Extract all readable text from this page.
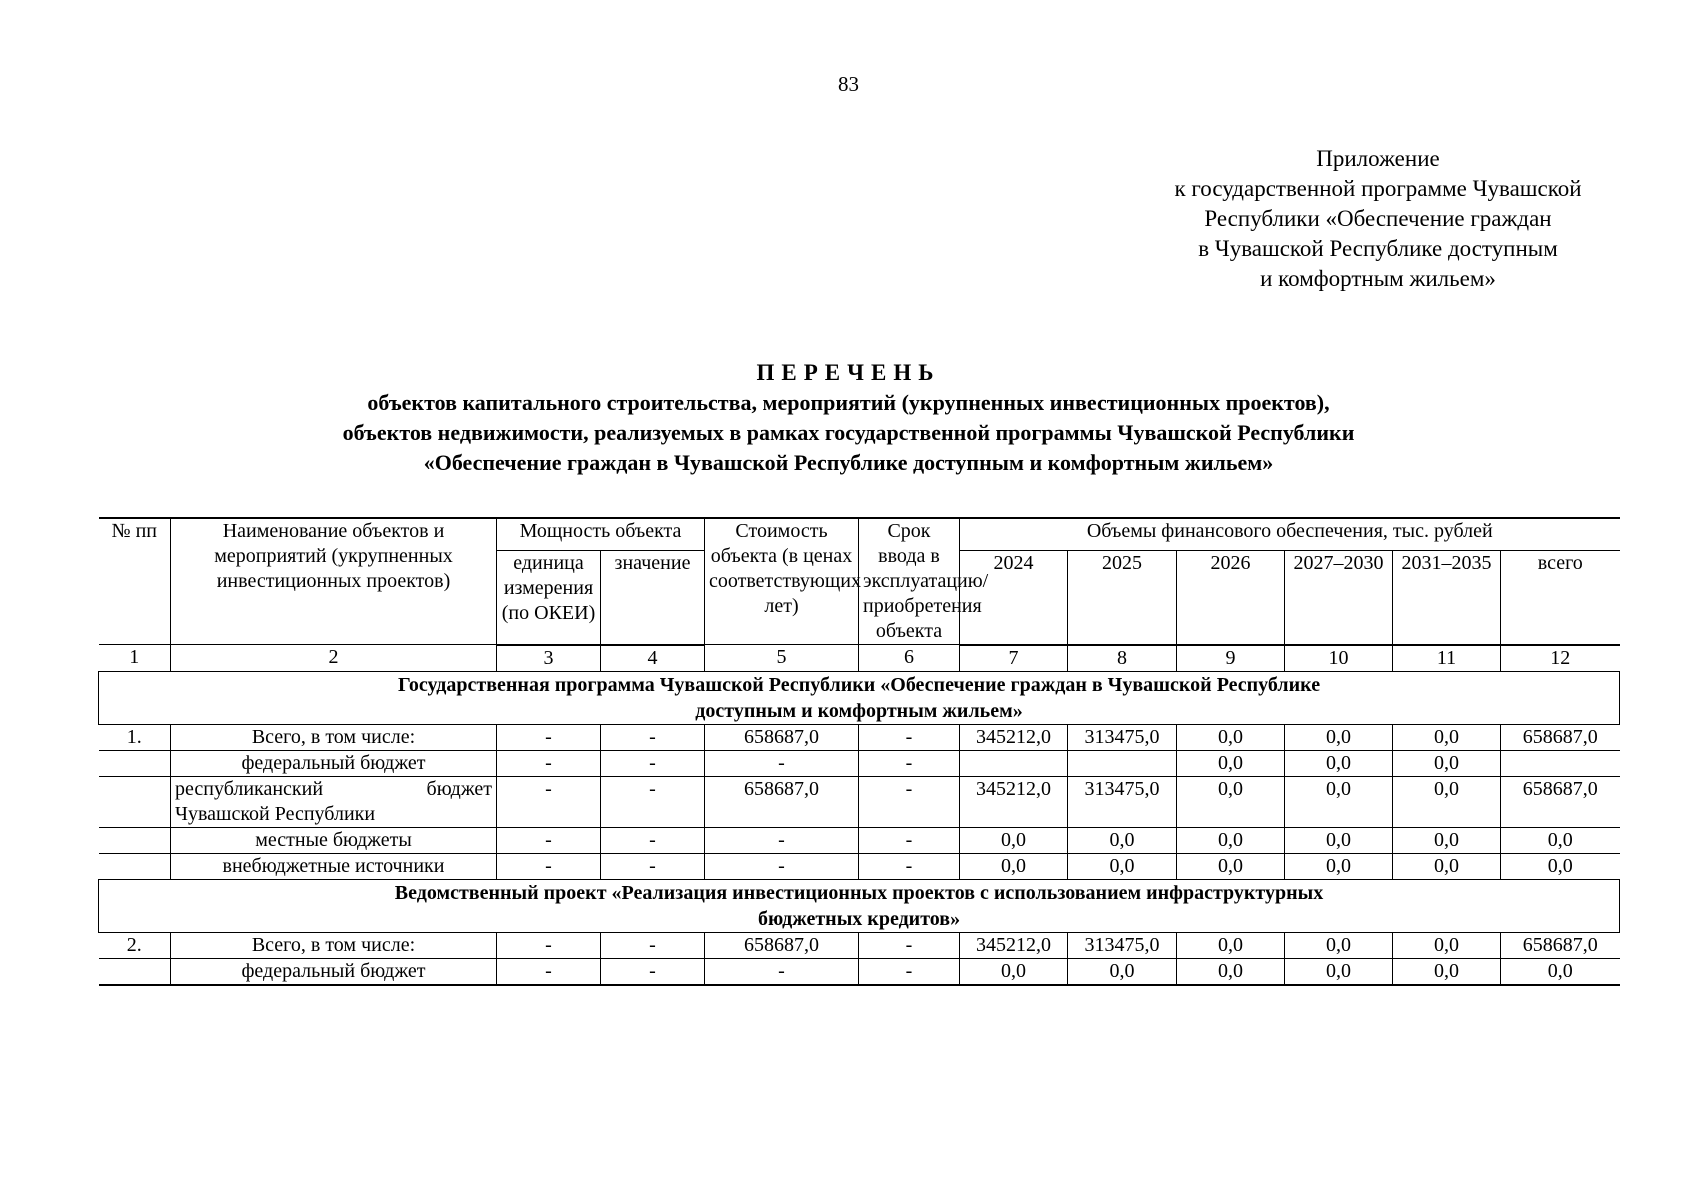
83
Приложение
к государственной программе Чувашской
Республики «Обеспечение граждан
в Чувашской Республике доступным
и комфортным жильем»
ПЕРЕЧЕНЬ
объектов капитального строительства, мероприятий (укрупненных инвестиционных проектов),
объектов недвижимости, реализуемых в рамках государственной программы Чувашской Республики
«Обеспечение граждан в Чувашской Республике доступным и комфортным жильем»
№ пп	Наименование объектов и мероприятий (укрупненных инвестиционных проектов)	Мощность объекта		Стоимость объекта (в ценах соответствующих лет)	Срок ввода в эксплуатацию/ приобретения объекта	Объемы финансового обеспечения, тыс. рублей					
		единица измерения (по ОКЕИ)	значение			2024	2025	2026	2027–2030	2031–2035	всего
1	2	3	4	5	6	7	8	9	10	11	12

Государственная программа Чувашской Республики «Обеспечение граждан в Чувашской Республике
доступным и комфортным жильем»											

1.	Всего, в том числе:	-	-	658687,0	-	345212,0	313475,0	0,0	0,0	0,0	658687,0
	федеральный бюджет	-	-	-	-			0,0	0,0	0,0	
	республиканский бюджет Чувашской Республики	-	-	658687,0	-	345212,0	313475,0	0,0	0,0	0,0	658687,0
	местные бюджеты	-	-	-	-	0,0	0,0	0,0	0,0	0,0	0,0
	внебюджетные источники	-	-	-	-	0,0	0,0	0,0	0,0	0,0	0,0

Ведомственный проект «Реализация инвестиционных проектов с использованием инфраструктурных
бюджетных кредитов»											

2.	Всего, в том числе:	-	-	658687,0	-	345212,0	313475,0	0,0	0,0	0,0	658687,0
	федеральный бюджет	-	-	-	-	0,0	0,0	0,0	0,0	0,0	0,0
